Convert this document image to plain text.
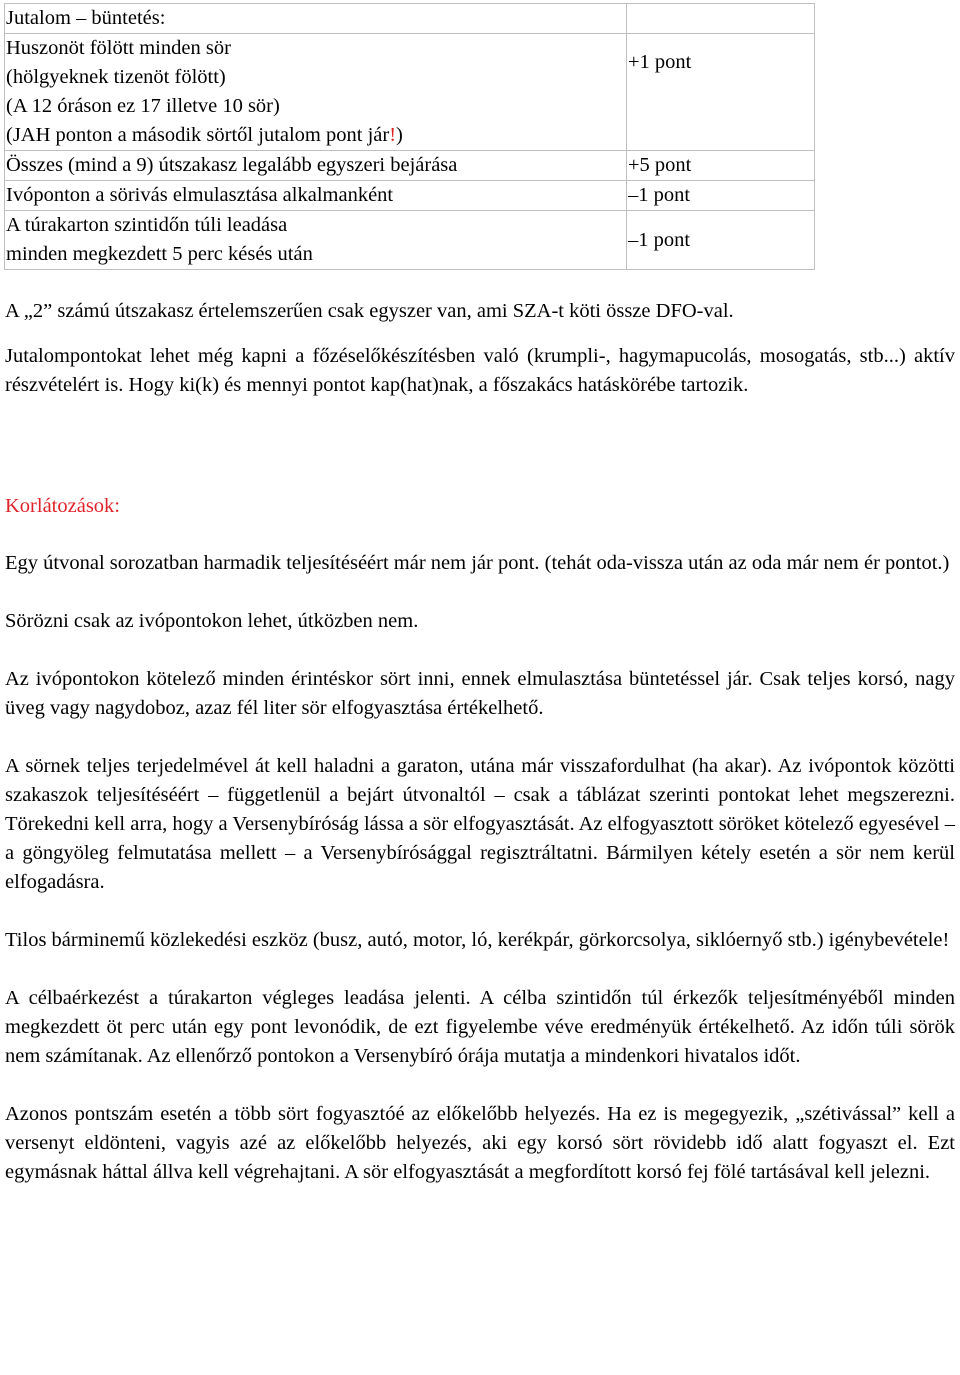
Jutalom – büntetés:	

Huszonöt fölött minden sör
(hölgyeknek tizenöt fölött)
(A 12 óráson ez 17 illetve 10 sör)
(JAH ponton a második sörtől jutalom pont jár!)	+1 pont

Összes (mind a 9) útszakasz legalább egyszeri bejárása	+5 pont

Ivóponton a sörivás elmulasztása alkalmanként	–1 pont

A túrakarton szintidőn túli leadása
minden megkezdett 5 perc késés után	–1 pont

A „2” számú útszakasz értelemszerűen csak egyszer van, ami SZA-t köti össze DFO-val.

Jutalompontokat lehet még kapni a főzéselőkészítésben való (krumpli-, hagymapucolás, mosogatás, stb...) aktív részvételért is. Hogy ki(k) és mennyi pontot kap(hat)nak, a főszakács hatáskörébe tartozik.

Korlátozások:

Egy útvonal sorozatban harmadik teljesítéséért már nem jár pont. (tehát oda-vissza után az oda már nem ér pontot.)

Sörözni csak az ivópontokon lehet, útközben nem.

Az ivópontokon kötelező minden érintéskor sört inni, ennek elmulasztása büntetéssel jár. Csak teljes korsó, nagy üveg vagy nagydoboz, azaz fél liter sör elfogyasztása értékelhető.

A sörnek teljes terjedelmével át kell haladni a garaton, utána már visszafordulhat (ha akar). Az ivópontok közötti szakaszok teljesítéséért – függetlenül a bejárt útvonaltól – csak a táblázat szerinti pontokat lehet megszerezni. Törekedni kell arra, hogy a Versenybíróság lássa a sör elfogyasztását. Az elfogyasztott söröket kötelező egyesével – a göngyöleg felmutatása mellett – a Versenybírósággal regisztráltatni. Bármilyen kétely esetén a sör nem kerül elfogadásra.

Tilos bárminemű közlekedési eszköz (busz, autó, motor, ló, kerékpár, görkorcsolya, siklóernyő stb.) igénybevétele!

A célbaérkezést a túrakarton végleges leadása jelenti. A célba szintidőn túl érkezők teljesítményéből minden megkezdett öt perc után egy pont levonódik, de ezt figyelembe véve eredményük értékelhető. Az időn túli sörök nem számítanak. Az ellenőrző pontokon a Versenybíró órája mutatja a mindenkori hivatalos időt.

Azonos pontszám esetén a több sört fogyasztóé az előkelőbb helyezés. Ha ez is megegyezik, „szétivással” kell a versenyt eldönteni, vagyis azé az előkelőbb helyezés, aki egy korsó sört rövidebb idő alatt fogyaszt el. Ezt egymásnak háttal állva kell végrehajtani. A sör elfogyasztását a megfordított korsó fej fölé tartásával kell jelezni.
